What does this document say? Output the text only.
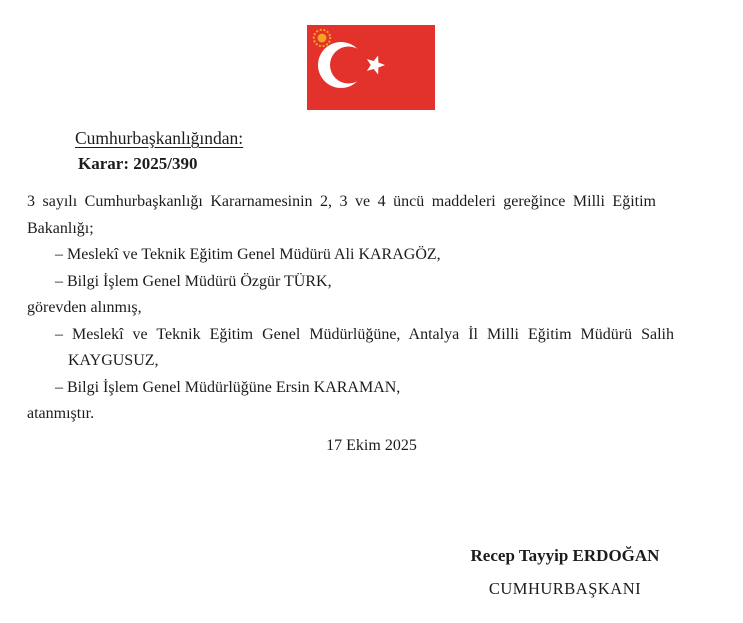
Cumhurbaşkanlığından:
Karar: 2025/390
3 sayılı Cumhurbaşkanlığı Kararnamesinin 2, 3 ve 4 üncü maddeleri gereğince Milli Eğitim
Bakanlığı;
– Meslekî ve Teknik Eğitim Genel Müdürü Ali KARAGÖZ,
– Bilgi İşlem Genel Müdürü Özgür TÜRK,
görevden alınmış,
– Meslekî ve Teknik Eğitim Genel Müdürlüğüne, Antalya İl Milli Eğitim Müdürü Salih
KAYGUSUZ,
– Bilgi İşlem Genel Müdürlüğüne Ersin KARAMAN,
atanmıştır.
17 Ekim 2025
Recep Tayyip ERDOĞAN
CUMHURBAŞKANI
